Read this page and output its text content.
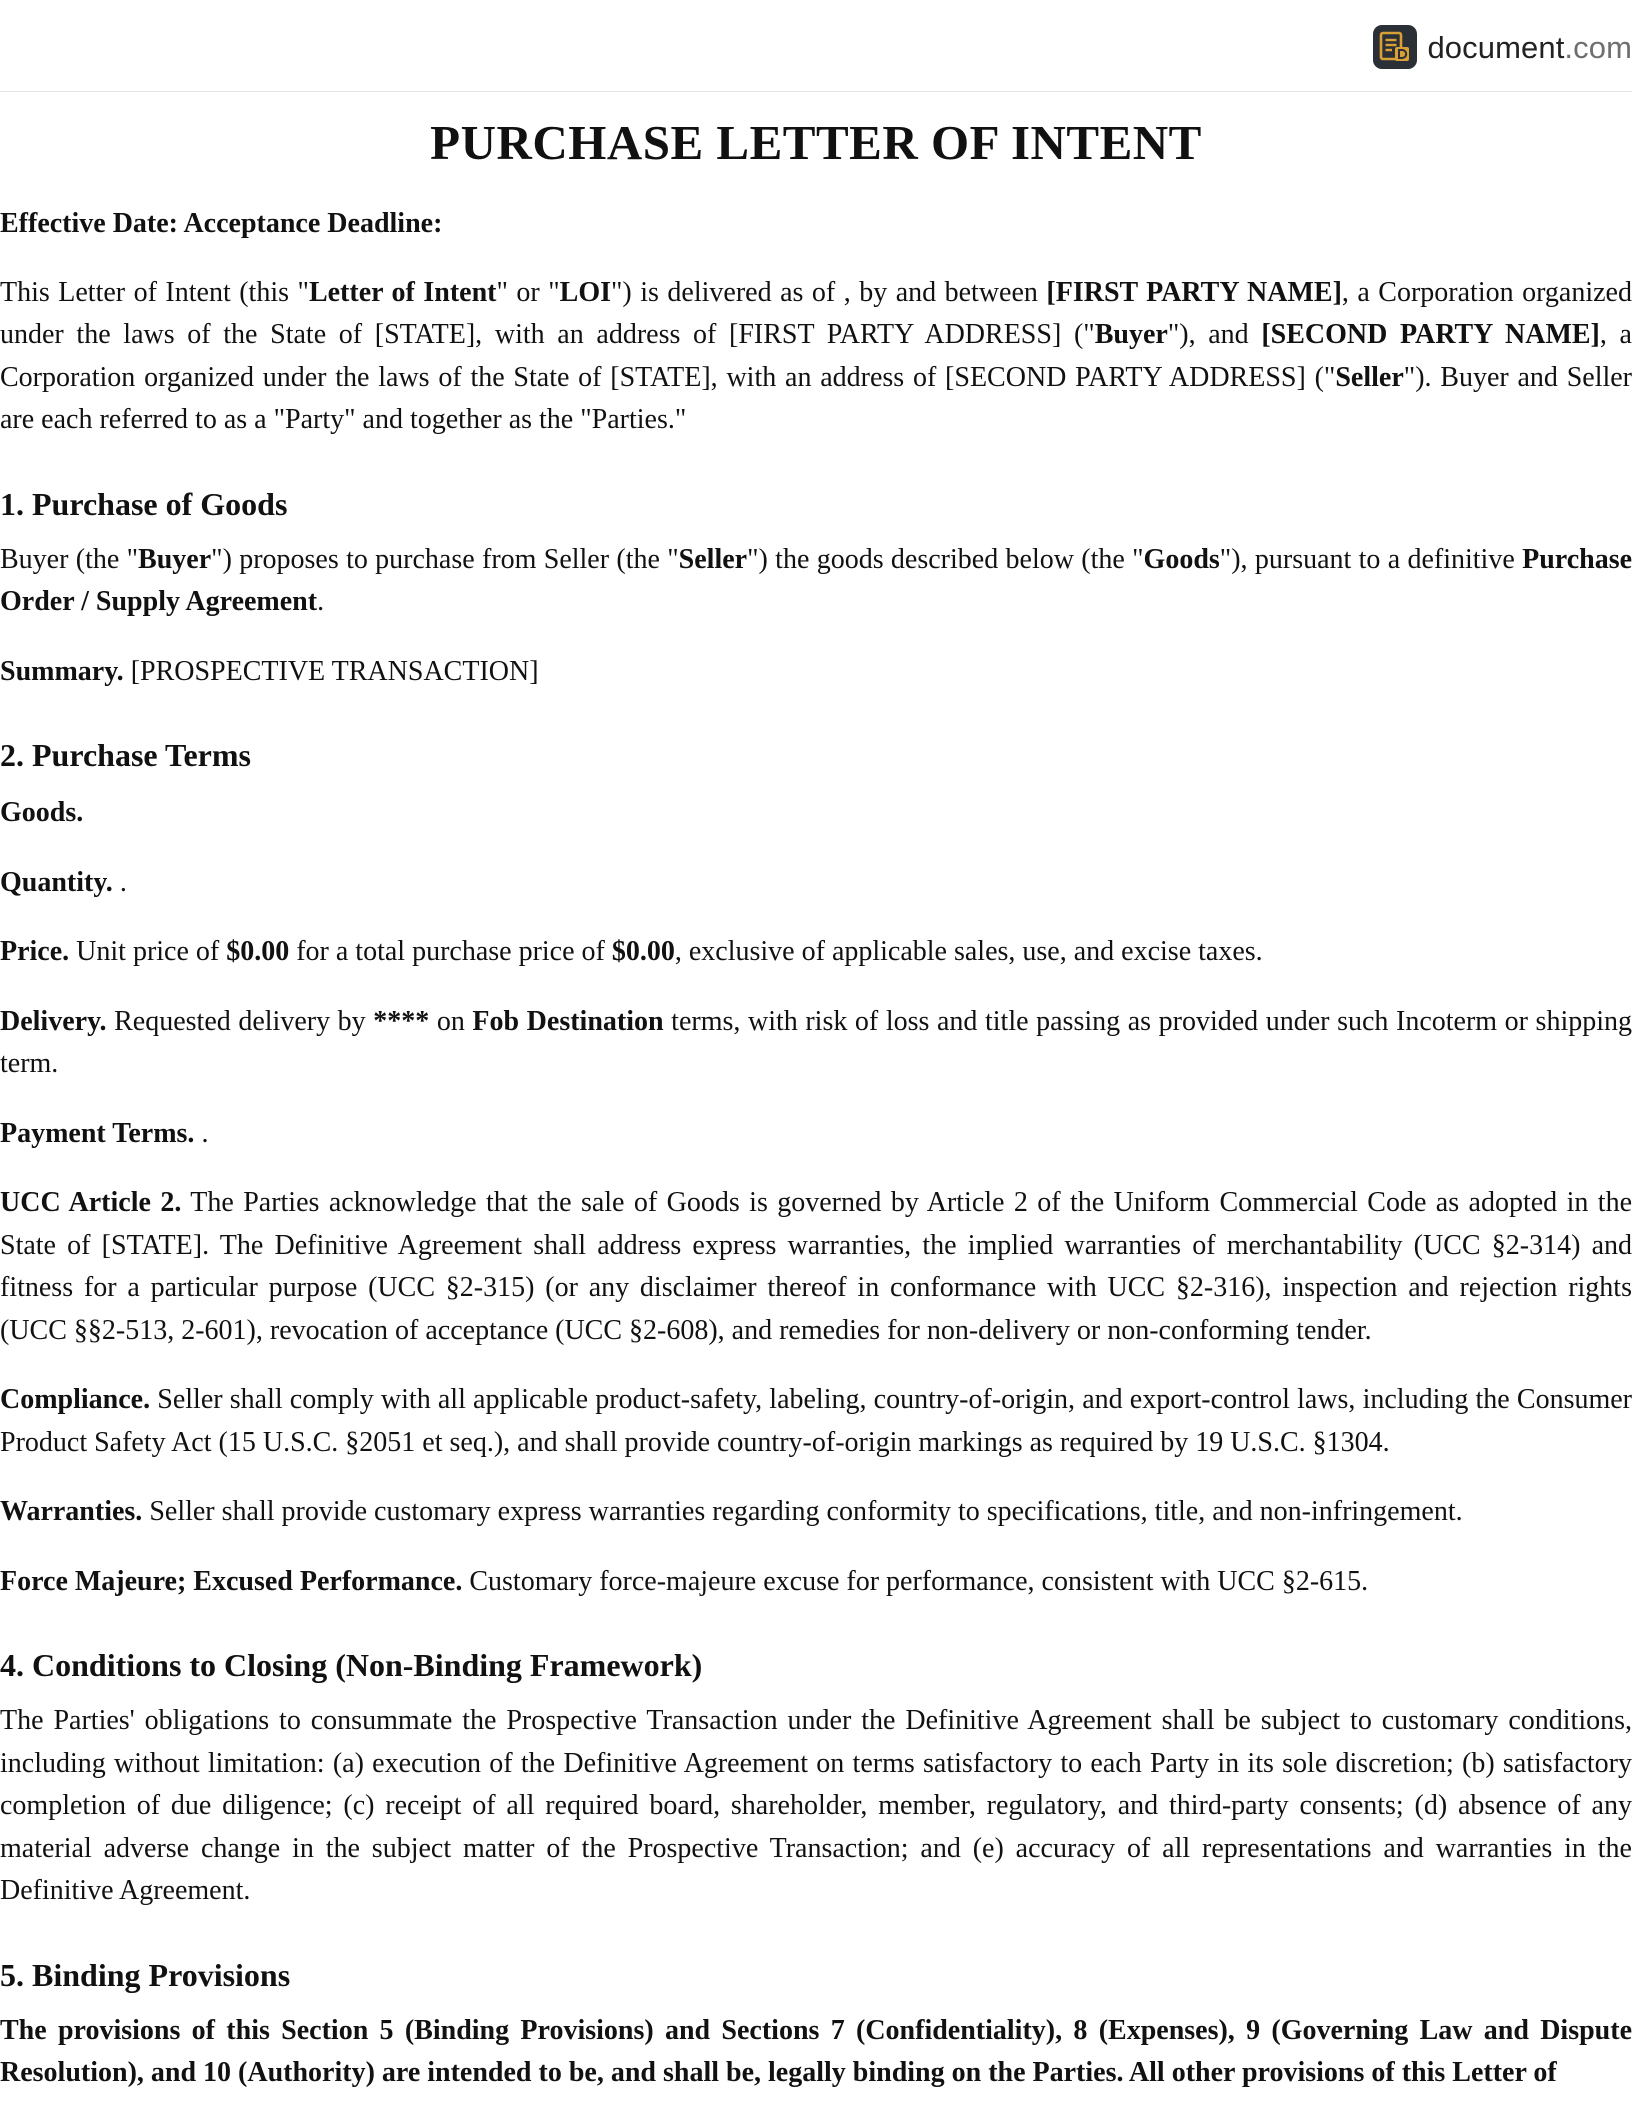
document.com
PURCHASE LETTER OF INTENT

Effective Date: Acceptance Deadline:

This Letter of Intent (this "Letter of Intent" or "LOI") is delivered as of , by and between [FIRST PARTY NAME], a Corporation organized under the laws of the State of [STATE], with an address of [FIRST PARTY ADDRESS] ("Buyer"), and [SECOND PARTY NAME], a Corporation organized under the laws of the State of [STATE], with an address of [SECOND PARTY ADDRESS] ("Seller"). Buyer and Seller are each referred to as a "Party" and together as the "Parties."

1. Purchase of Goods

Buyer (the "Buyer") proposes to purchase from Seller (the "Seller") the goods described below (the "Goods"), pursuant to a definitive Purchase Order / Supply Agreement.

Summary. [PROSPECTIVE TRANSACTION]

2. Purchase Terms

Goods.

Quantity. .

Price. Unit price of $0.00 for a total purchase price of $0.00, exclusive of applicable sales, use, and excise taxes.

Delivery. Requested delivery by **** on Fob Destination terms, with risk of loss and title passing as provided under such Incoterm or shipping term.

Payment Terms. .

UCC Article 2. The Parties acknowledge that the sale of Goods is governed by Article 2 of the Uniform Commercial Code as adopted in the State of [STATE]. The Definitive Agreement shall address express warranties, the implied warranties of merchantability (UCC §2-314) and fitness for a particular purpose (UCC §2-315) (or any disclaimer thereof in conformance with UCC §2-316), inspection and rejection rights (UCC §§2-513, 2-601), revocation of acceptance (UCC §2-608), and remedies for non-delivery or non-conforming tender.

Compliance. Seller shall comply with all applicable product-safety, labeling, country-of-origin, and export-control laws, including the Consumer Product Safety Act (15 U.S.C. §2051 et seq.), and shall provide country-of-origin markings as required by 19 U.S.C. §1304.

Warranties. Seller shall provide customary express warranties regarding conformity to specifications, title, and non-infringement.

Force Majeure; Excused Performance. Customary force-majeure excuse for performance, consistent with UCC §2-615.

4. Conditions to Closing (Non-Binding Framework)

The Parties' obligations to consummate the Prospective Transaction under the Definitive Agreement shall be subject to customary conditions, including without limitation: (a) execution of the Definitive Agreement on terms satisfactory to each Party in its sole discretion; (b) satisfactory completion of due diligence; (c) receipt of all required board, shareholder, member, regulatory, and third-party consents; (d) absence of any material adverse change in the subject matter of the Prospective Transaction; and (e) accuracy of all representations and warranties in the Definitive Agreement.

5. Binding Provisions

The provisions of this Section 5 (Binding Provisions) and Sections 7 (Confidentiality), 8 (Expenses), 9 (Governing Law and Dispute Resolution), and 10 (Authority) are intended to be, and shall be, legally binding on the Parties. All other provisions of this Letter of
